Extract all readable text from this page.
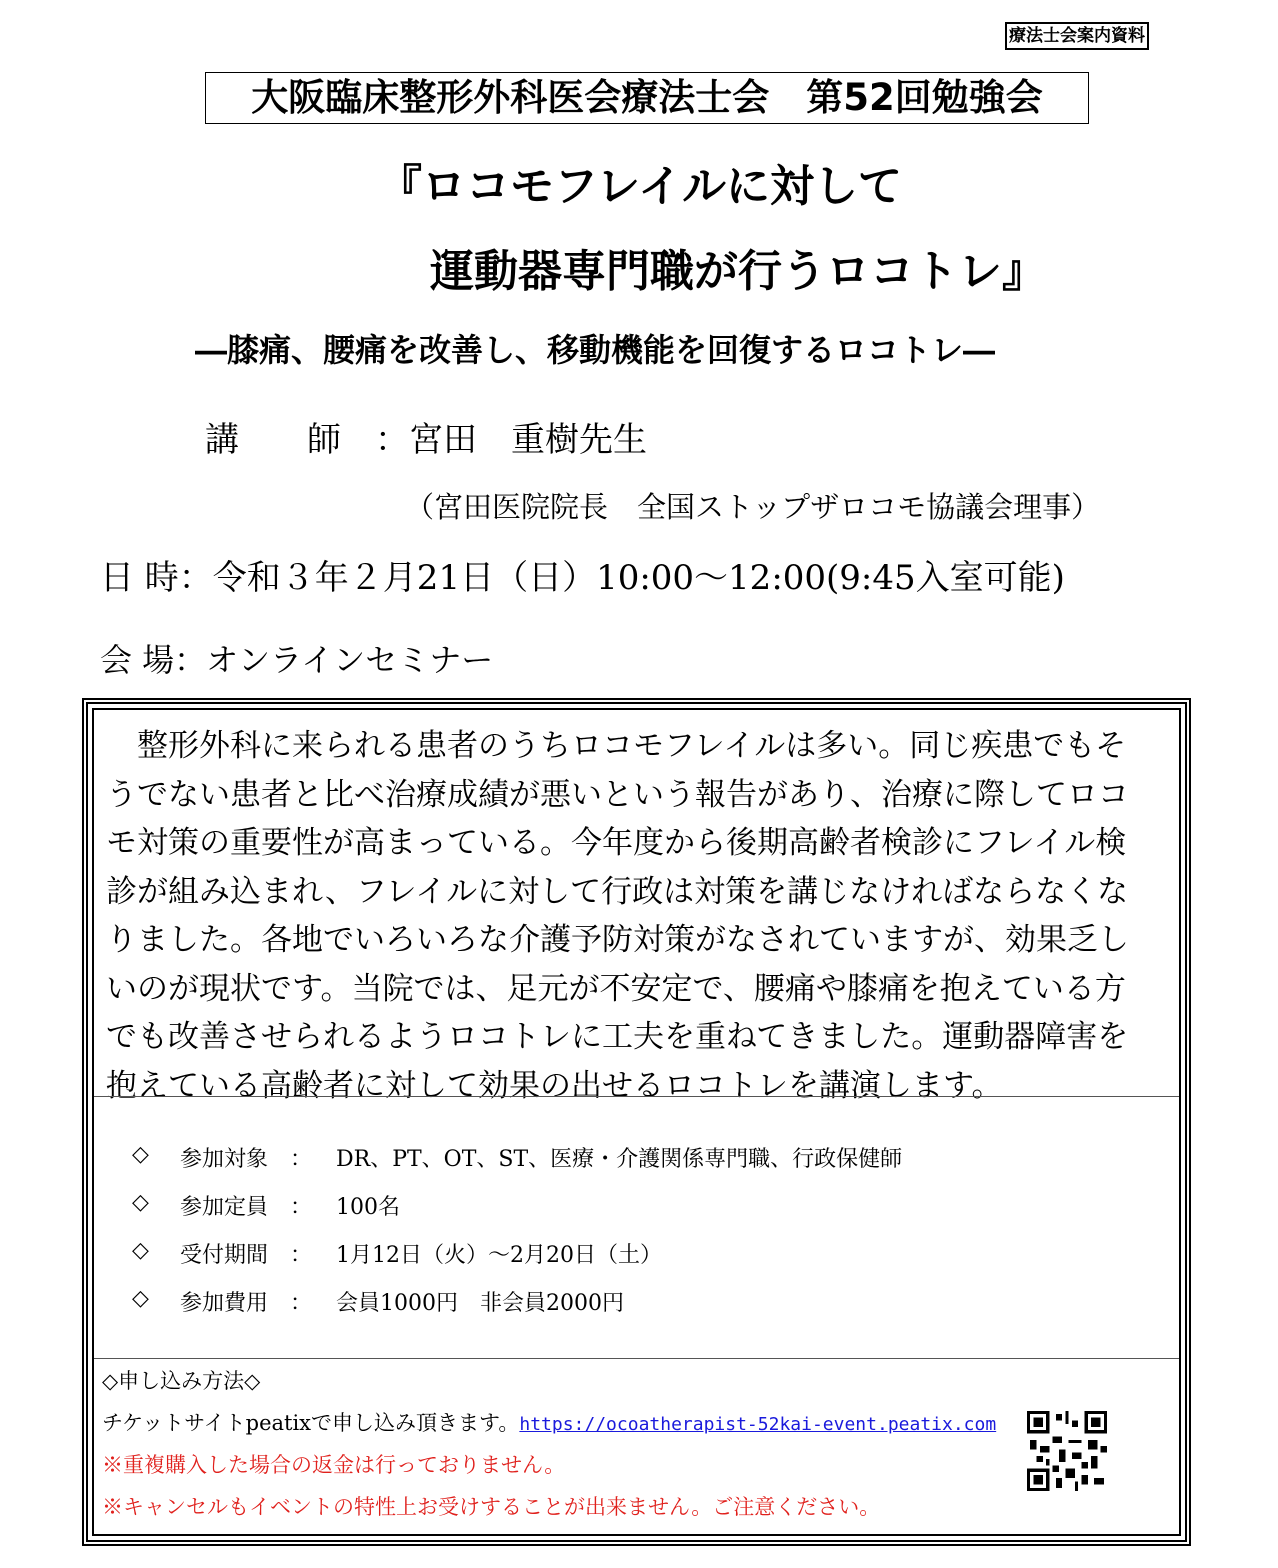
療法士会案内資料
大阪臨床整形外科医会療法士会　第52回勉強会
『ロコモフレイルに対して
運動器専門職が行うロコトレ』
―膝痛、腰痛を改善し、移動機能を回復するロコトレ―
講　　師　：宮田　重樹先生
（宮田医院院長　全国ストップザロコモ協議会理事）
日 時：令和３年２月21日（日）10:00～12:00(9:45入室可能)
会 場：オンラインセミナー
　整形外科に来られる患者のうちロコモフレイルは多い。同じ疾患でもそ
うでない患者と比べ治療成績が悪いという報告があり、治療に際してロコ
モ対策の重要性が高まっている。今年度から後期高齢者検診にフレイル検
診が組み込まれ、フレイルに対して行政は対策を講じなければならなくな
りました。各地でいろいろな介護予防対策がなされていますが、効果乏し
いのが現状です。当院では、足元が不安定で、腰痛や膝痛を抱えている方
でも改善させられるようロコトレに工夫を重ねてきました。運動器障害を
抱えている高齢者に対して効果の出せるロコトレを講演します。
◇	参加対象 ：	DR、PT、OT、ST、医療・介護関係専門職、行政保健師
◇	参加定員 ：	100名
◇	受付期間 ：	1月12日（火）～2月20日（土）
◇	参加費用 ：	会員1000円　非会員2000円
◇申し込み方法◇
チケットサイトpeatixで申し込み頂きます。https://ocoatherapist-52kai-event.peatix.com
※重複購入した場合の返金は行っておりません。
※キャンセルもイベントの特性上お受けすることが出来ません。ご注意ください。
